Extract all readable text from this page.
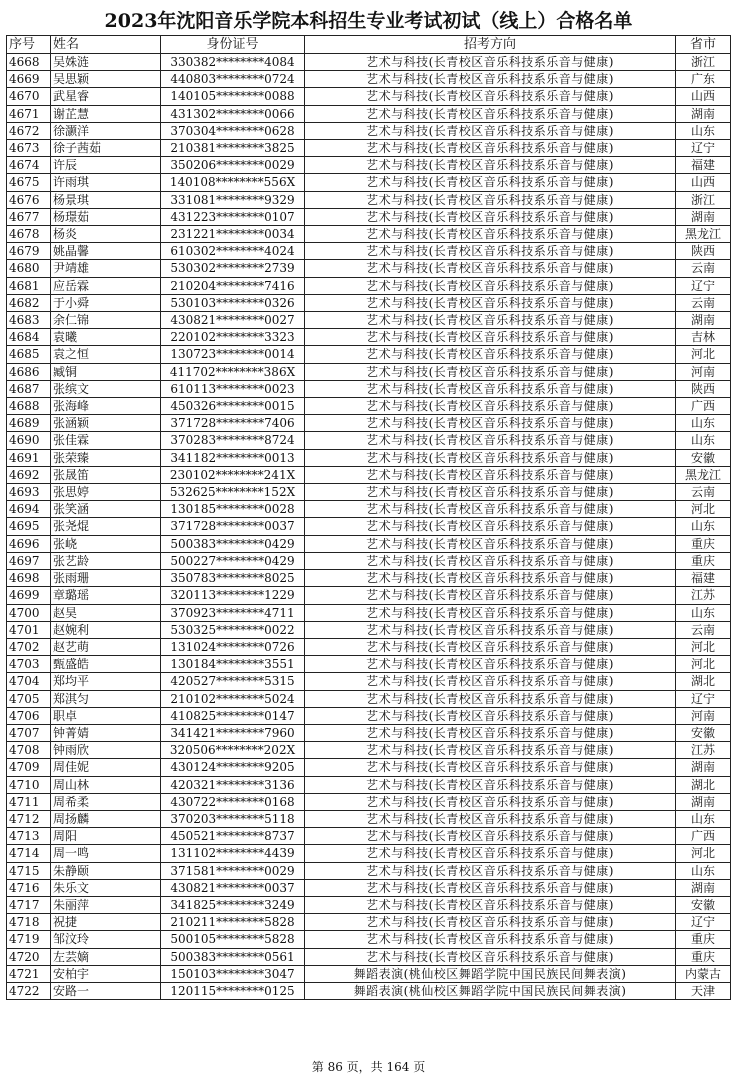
2023年沈阳音乐学院本科招生专业考试初试（线上）合格名单
序号	姓名	身份证号	招考方向	省市
4668	吴姝涟	330382********4084	艺术与科技(长青校区音乐科技系乐音与健康)	浙江
4669	吴思颖	440803********0724	艺术与科技(长青校区音乐科技系乐音与健康)	广东
4670	武星睿	140105********0088	艺术与科技(长青校区音乐科技系乐音与健康)	山西
4671	谢芷慧	431302********0066	艺术与科技(长青校区音乐科技系乐音与健康)	湖南
4672	徐灏洋	370304********0628	艺术与科技(长青校区音乐科技系乐音与健康)	山东
4673	徐子茜茹	210381********3825	艺术与科技(长青校区音乐科技系乐音与健康)	辽宁
4674	许辰	350206********0029	艺术与科技(长青校区音乐科技系乐音与健康)	福建
4675	许雨琪	140108********556X	艺术与科技(长青校区音乐科技系乐音与健康)	山西
4676	杨景琪	331081********9329	艺术与科技(长青校区音乐科技系乐音与健康)	浙江
4677	杨璟茹	431223********0107	艺术与科技(长青校区音乐科技系乐音与健康)	湖南
4678	杨炎	231221********0034	艺术与科技(长青校区音乐科技系乐音与健康)	黑龙江
4679	姚晶馨	610302********4024	艺术与科技(长青校区音乐科技系乐音与健康)	陕西
4680	尹靖雄	530302********2739	艺术与科技(长青校区音乐科技系乐音与健康)	云南
4681	应岳霖	210204********7416	艺术与科技(长青校区音乐科技系乐音与健康)	辽宁
4682	于小舜	530103********0326	艺术与科技(长青校区音乐科技系乐音与健康)	云南
4683	余仁锦	430821********0027	艺术与科技(长青校区音乐科技系乐音与健康)	湖南
4684	袁曦	220102********3323	艺术与科技(长青校区音乐科技系乐音与健康)	吉林
4685	袁之恒	130723********0014	艺术与科技(长青校区音乐科技系乐音与健康)	河北
4686	臧铜	411702********386X	艺术与科技(长青校区音乐科技系乐音与健康)	河南
4687	张缤文	610113********0023	艺术与科技(长青校区音乐科技系乐音与健康)	陕西
4688	张海峰	450326********0015	艺术与科技(长青校区音乐科技系乐音与健康)	广西
4689	张涵颖	371728********7406	艺术与科技(长青校区音乐科技系乐音与健康)	山东
4690	张佳霖	370283********8724	艺术与科技(长青校区音乐科技系乐音与健康)	山东
4691	张荣臻	341182********0013	艺术与科技(长青校区音乐科技系乐音与健康)	安徽
4692	张晟笛	230102********241X	艺术与科技(长青校区音乐科技系乐音与健康)	黑龙江
4693	张思婷	532625********152X	艺术与科技(长青校区音乐科技系乐音与健康)	云南
4694	张笑涵	130185********0028	艺术与科技(长青校区音乐科技系乐音与健康)	河北
4695	张尧焜	371728********0037	艺术与科技(长青校区音乐科技系乐音与健康)	山东
4696	张峣	500383********0429	艺术与科技(长青校区音乐科技系乐音与健康)	重庆
4697	张艺龄	500227********0429	艺术与科技(长青校区音乐科技系乐音与健康)	重庆
4698	张雨珊	350783********8025	艺术与科技(长青校区音乐科技系乐音与健康)	福建
4699	章璐瑶	320113********1229	艺术与科技(长青校区音乐科技系乐音与健康)	江苏
4700	赵昊	370923********4711	艺术与科技(长青校区音乐科技系乐音与健康)	山东
4701	赵婉利	530325********0022	艺术与科技(长青校区音乐科技系乐音与健康)	云南
4702	赵艺萌	131024********0726	艺术与科技(长青校区音乐科技系乐音与健康)	河北
4703	甄盛皓	130184********3551	艺术与科技(长青校区音乐科技系乐音与健康)	河北
4704	郑均平	420527********5315	艺术与科技(长青校区音乐科技系乐音与健康)	湖北
4705	郑淇匀	210102********5024	艺术与科技(长青校区音乐科技系乐音与健康)	辽宁
4706	职卓	410825********0147	艺术与科技(长青校区音乐科技系乐音与健康)	河南
4707	钟菁婧	341421********7960	艺术与科技(长青校区音乐科技系乐音与健康)	安徽
4708	钟雨欣	320506********202X	艺术与科技(长青校区音乐科技系乐音与健康)	江苏
4709	周佳妮	430124********9205	艺术与科技(长青校区音乐科技系乐音与健康)	湖南
4710	周山林	420321********3136	艺术与科技(长青校区音乐科技系乐音与健康)	湖北
4711	周希柔	430722********0168	艺术与科技(长青校区音乐科技系乐音与健康)	湖南
4712	周扬麟	370203********5118	艺术与科技(长青校区音乐科技系乐音与健康)	山东
4713	周阳	450521********8737	艺术与科技(长青校区音乐科技系乐音与健康)	广西
4714	周一鸣	131102********4439	艺术与科技(长青校区音乐科技系乐音与健康)	河北
4715	朱静颐	371581********0029	艺术与科技(长青校区音乐科技系乐音与健康)	山东
4716	朱乐文	430821********0037	艺术与科技(长青校区音乐科技系乐音与健康)	湖南
4717	朱丽萍	341825********3249	艺术与科技(长青校区音乐科技系乐音与健康)	安徽
4718	祝捷	210211********5828	艺术与科技(长青校区音乐科技系乐音与健康)	辽宁
4719	邹汶玲	500105********5828	艺术与科技(长青校区音乐科技系乐音与健康)	重庆
4720	左芸嫡	500383********0561	艺术与科技(长青校区音乐科技系乐音与健康)	重庆
4721	安柏宇	150103********3047	舞蹈表演(桃仙校区舞蹈学院中国民族民间舞表演)	内蒙古
4722	安路一	120115********0125	舞蹈表演(桃仙校区舞蹈学院中国民族民间舞表演)	天津
第 86 页，共 164 页
